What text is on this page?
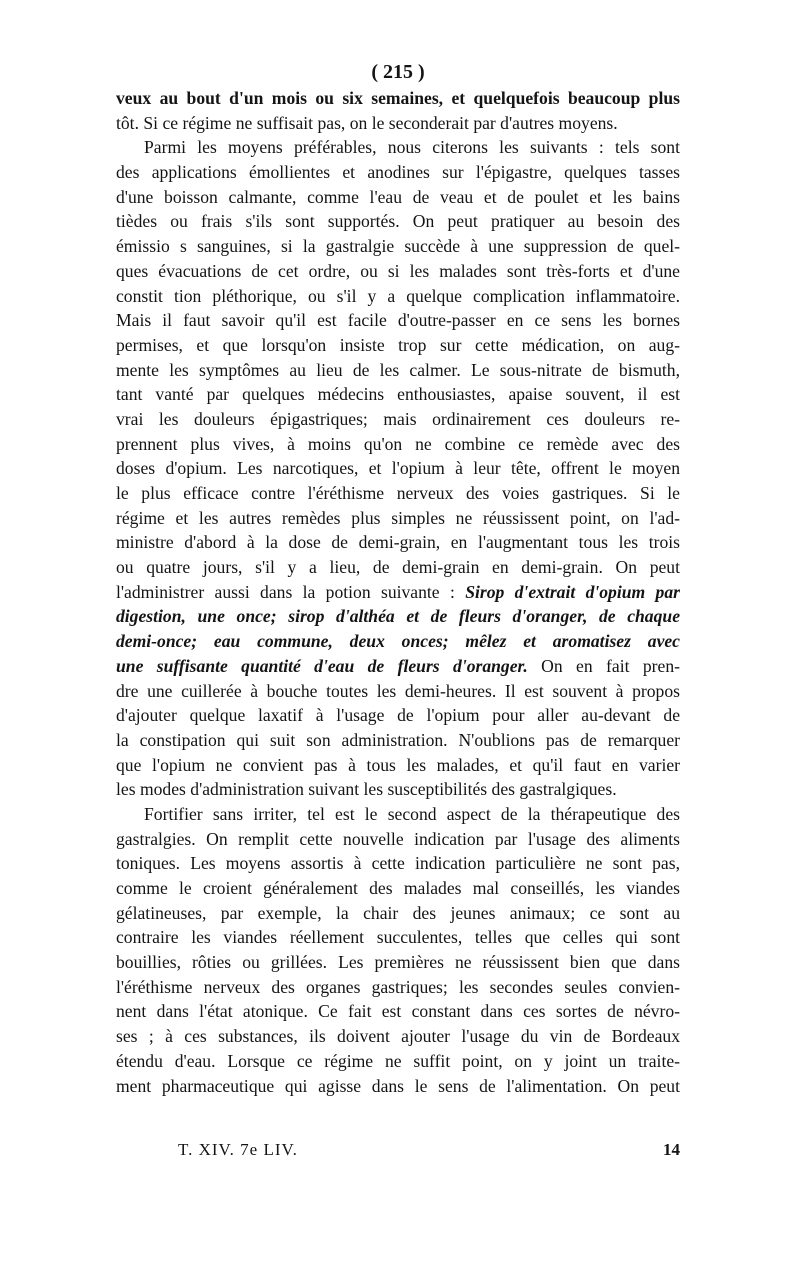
( 215 )
veux au bout d'un mois ou six semaines, et quelquefois beaucoup plus
tôt. Si ce régime ne suffisait pas, on le seconderait par d'autres moyens.
Parmi les moyens préférables, nous citerons les suivants : tels sont
des applications émollientes et anodines sur l'épigastre, quelques tasses
d'une boisson calmante, comme l'eau de veau et de poulet et les bains
tièdes ou frais s'ils sont supportés. On peut pratiquer au besoin des
émissio s sanguines, si la gastralgie succède à une suppression de quel-
ques évacuations de cet ordre, ou si les malades sont très-forts et d'une
constit tion pléthorique, ou s'il y a quelque complication inflammatoire.
Mais il faut savoir qu'il est facile d'outre-passer en ce sens les bornes
permises, et que lorsqu'on insiste trop sur cette médication, on aug-
mente les symptômes au lieu de les calmer. Le sous-nitrate de bismuth,
tant vanté par quelques médecins enthousiastes, apaise souvent, il est
vrai les douleurs épigastriques; mais ordinairement ces douleurs re-
prennent plus vives, à moins qu'on ne combine ce remède avec des
doses d'opium. Les narcotiques, et l'opium à leur tête, offrent le moyen
le plus efficace contre l'éréthisme nerveux des voies gastriques. Si le
régime et les autres remèdes plus simples ne réussissent point, on l'ad-
ministre d'abord à la dose de demi-grain, en l'augmentant tous les trois
ou quatre jours, s'il y a lieu, de demi-grain en demi-grain. On peut
l'administrer aussi dans la potion suivante : Sirop d'extrait d'opium par
digestion, une once; sirop d'althéa et de fleurs d'oranger, de chaque
demi-once; eau commune, deux onces; mêlez et aromatisez avec
une suffisante quantité d'eau de fleurs d'oranger. On en fait pren-
dre une cuillerée à bouche toutes les demi-heures. Il est souvent à propos
d'ajouter quelque laxatif à l'usage de l'opium pour aller au-devant de
la constipation qui suit son administration. N'oublions pas de remarquer
que l'opium ne convient pas à tous les malades, et qu'il faut en varier
les modes d'administration suivant les susceptibilités des gastralgiques.
Fortifier sans irriter, tel est le second aspect de la thérapeutique des
gastralgies. On remplit cette nouvelle indication par l'usage des aliments
toniques. Les moyens assortis à cette indication particulière ne sont pas,
comme le croient généralement des malades mal conseillés, les viandes
gélatineuses, par exemple, la chair des jeunes animaux; ce sont au
contraire les viandes réellement succulentes, telles que celles qui sont
bouillies, rôties ou grillées. Les premières ne réussissent bien que dans
l'éréthisme nerveux des organes gastriques; les secondes seules convien-
nent dans l'état atonique. Ce fait est constant dans ces sortes de névro-
ses ; à ces substances, ils doivent ajouter l'usage du vin de Bordeaux
étendu d'eau. Lorsque ce régime ne suffit point, on y joint un traite-
ment pharmaceutique qui agisse dans le sens de l'alimentation. On peut
T. XIV. 7e LIV.	14
